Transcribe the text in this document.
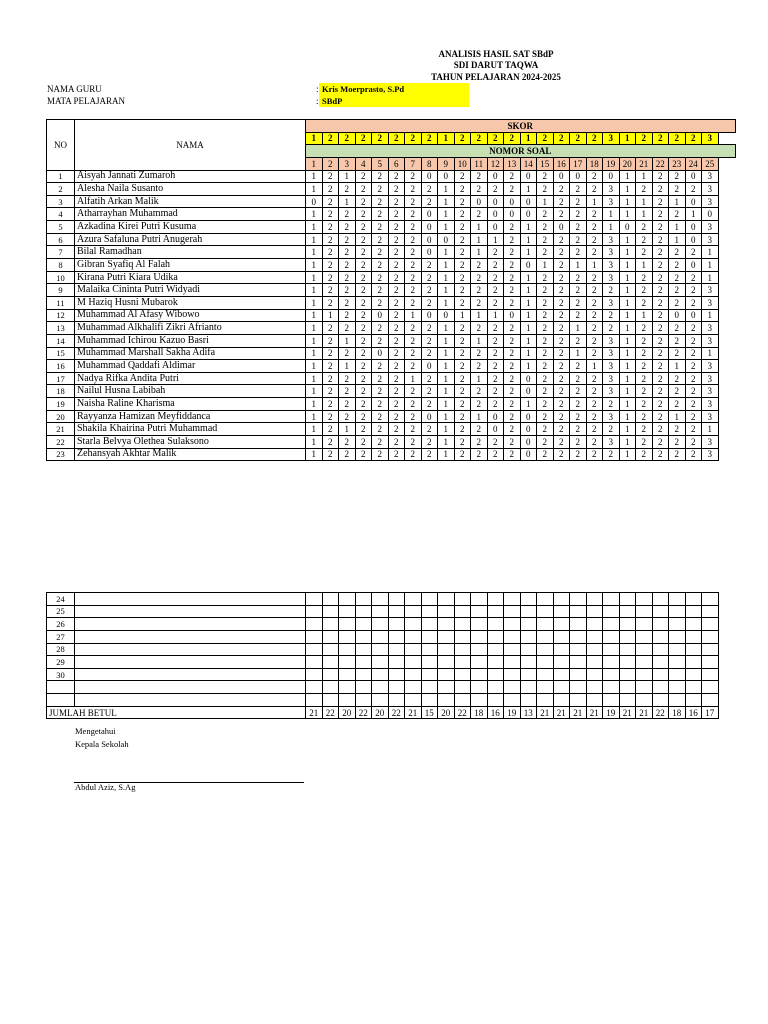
ANALISIS HASIL SAT SBdP
SDI DARUT TAQWA
TAHUN PELAJARAN 2024-2025
NAMA GURU	: Kris Moerprasto, S.Pd
MATA PELAJARAN	: SBdP
NO	NAMA	SKOR																									
		1	2	2	2	2	2	2	2	1	2	2	2	2	1	2	2	2	2	3	1	2	2	2	2	3	
		NOMOR SOAL																									
		1	2	3	4	5	6	7	8	9	10	11	12	13	14	15	16	17	18	19	20	21	22	23	24	25	
1	Aisyah Jannati Zumaroh	1	2	1	2	2	2	2	0	0	2	2	0	2	0	2	0	0	2	0	1	1	2	2	0	3	
2	Alesha Naila Susanto	1	2	2	2	2	2	2	2	1	2	2	2	2	1	2	2	2	2	3	1	2	2	2	2	3	
3	Alfatih Arkan Malik	0	2	1	2	2	2	2	2	1	2	0	0	0	0	1	2	2	1	3	1	1	2	1	0	3	
4	Atharrayhan Muhammad	1	2	2	2	2	2	2	0	1	2	2	0	0	0	2	2	2	2	1	1	1	2	2	1	0	
5	Azkadina Kirei Putri Kusuma	1	2	2	2	2	2	2	0	1	2	1	0	2	1	2	0	2	2	1	0	2	2	1	0	3	
6	Azura Safaluna Putri Anugerah	1	2	2	2	2	2	2	0	0	2	1	1	2	1	2	2	2	2	3	1	2	2	1	0	3	
7	Bilal Ramadhan	1	2	2	2	2	2	2	0	1	2	1	2	2	1	2	2	2	2	3	1	2	2	2	2	1	
8	Gibran Syafiq Al Falah	1	2	2	2	2	2	2	2	1	2	2	2	2	0	1	2	1	1	3	1	1	2	2	0	1	
10	Kirana Putri Kiara Udika	1	2	2	2	2	2	2	2	1	2	2	2	2	1	2	2	2	2	3	1	2	2	2	2	1	
9	Malaika Cininta Putri Widyadi	1	2	2	2	2	2	2	2	1	2	2	2	2	1	2	2	2	2	2	1	2	2	2	2	3	
11	M Haziq Husni Mubarok	1	2	2	2	2	2	2	2	1	2	2	2	2	1	2	2	2	2	3	1	2	2	2	2	3	
12	Muhammad Al Afasy Wibowo	1	1	2	2	0	2	1	0	0	1	1	1	0	1	2	2	2	2	2	1	1	2	0	0	1	
13	Muhammad Alkhalifi Zikri Afrianto	1	2	2	2	2	2	2	2	1	2	2	2	2	1	2	2	1	2	2	1	2	2	2	2	3	
14	Muhammad Ichirou Kazuo Basri	1	2	1	2	2	2	2	2	1	2	1	2	2	1	2	2	2	2	3	1	2	2	2	2	3	
15	Muhammad Marshall Sakha Adifa	1	2	2	2	0	2	2	2	1	2	2	2	2	1	2	2	1	2	3	1	2	2	2	2	1	
16	Muhammad Qaddafi Aldimar	1	2	1	2	2	2	2	0	1	2	2	2	2	1	2	2	2	1	3	1	2	2	1	2	3	
17	Nadya Rifka Andita Putri	1	2	2	2	2	2	1	2	1	2	1	2	2	0	2	2	2	2	3	1	2	2	2	2	3	
18	Nailul Husna Labibah	1	2	2	2	2	2	2	2	1	2	2	2	2	0	2	2	2	2	3	1	2	2	2	2	3	
19	Naisha Raline Kharisma	1	2	2	2	2	2	2	2	1	2	2	2	2	1	2	2	2	2	2	1	2	2	2	2	3	
20	Rayyanza Hamizan Meyfiddanca	1	2	2	2	2	2	2	0	1	2	1	0	2	0	2	2	2	2	3	1	2	2	1	2	3	
21	Shakila Khairina Putri Muhammad	1	2	1	2	2	2	2	2	1	2	2	0	2	0	2	2	2	2	2	1	2	2	2	2	1	
22	Starla Belvya Olethea Sulaksono	1	2	2	2	2	2	2	2	1	2	2	2	2	0	2	2	2	2	3	1	2	2	2	2	3	
23	Zehansyah Akhtar Malik	1	2	2	2	2	2	2	2	1	2	2	2	2	0	2	2	2	2	2	1	2	2	2	2	3	
24																										
25																										
26																										
27																										
28																										
29																										
30																										

JUMLAH BETUL		21	22	20	22	20	22	21	15	20	22	18	16	19	13	21	21	21	21	19	21	21	22	18	16	17
Mengetahui
Kepala Sekolah
Abdul Aziz, S.Ag
